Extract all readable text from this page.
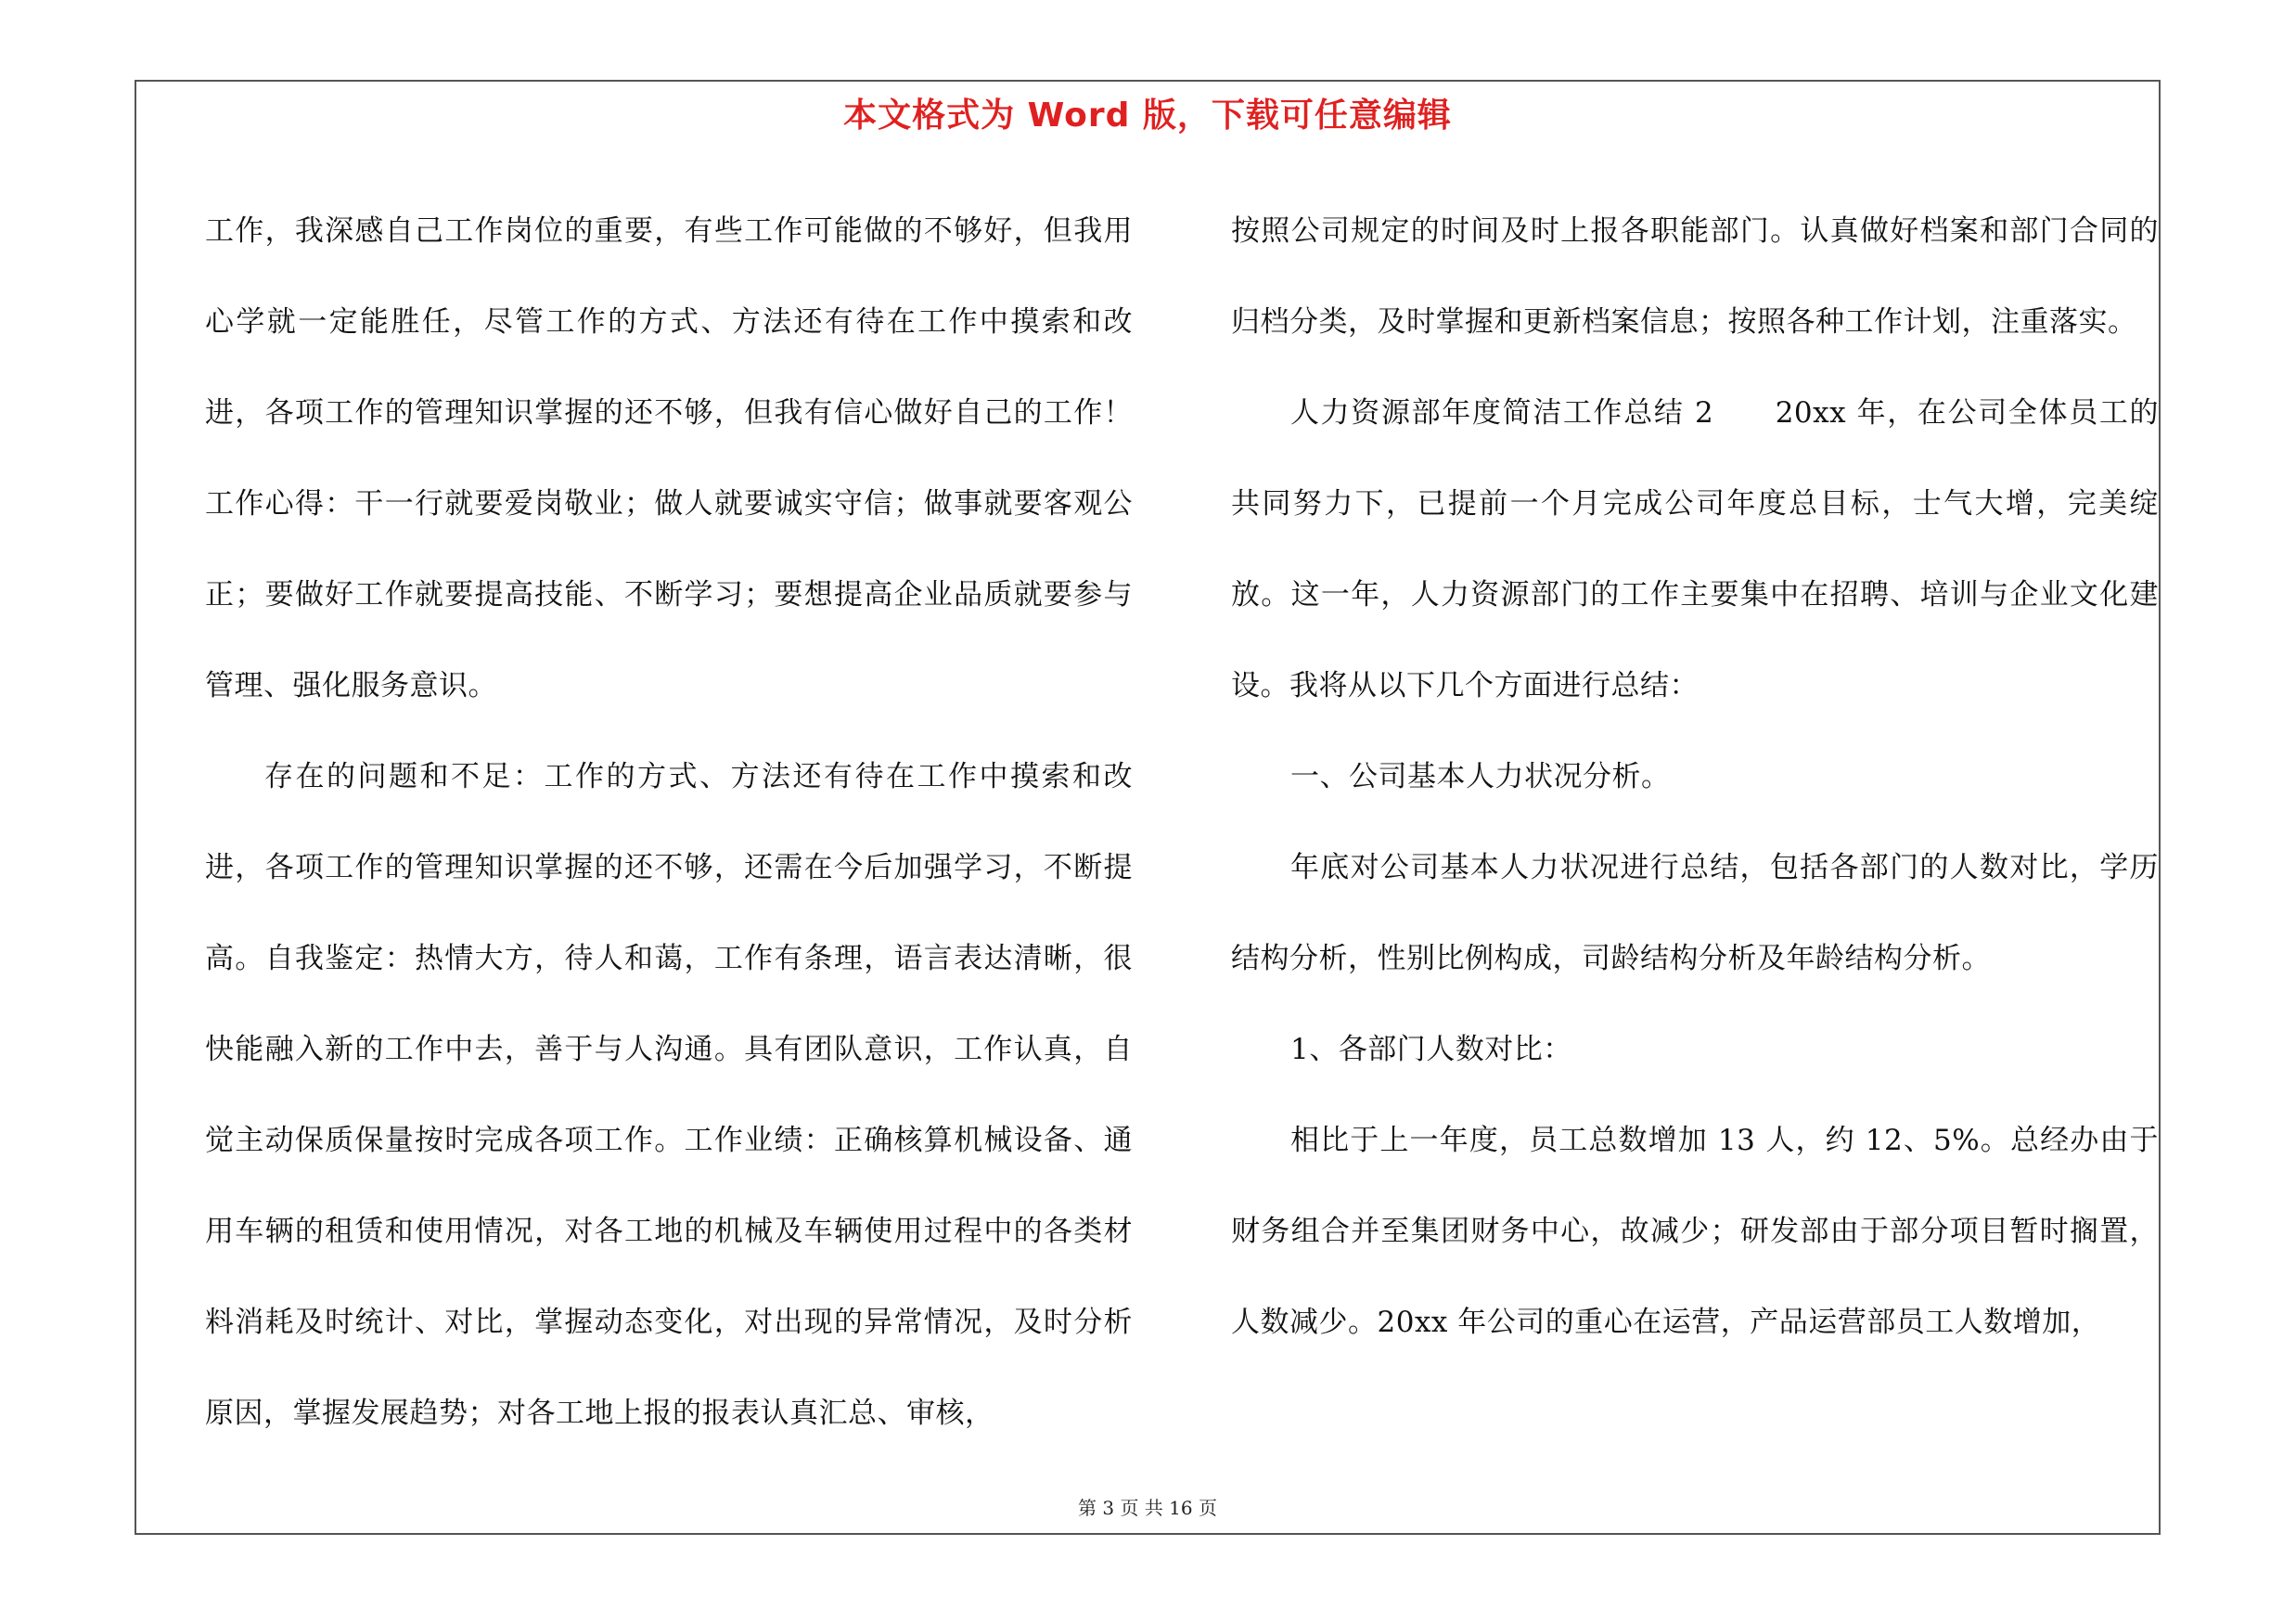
本文格式为 Word 版，下载可任意编辑

工作，我深感自己工作岗位的重要，有些工作可能做的不够好，但我用心学就一定能胜任，尽管工作的方式、方法还有待在工作中摸索和改进，各项工作的管理知识掌握的还不够，但我有信心做好自己的工作！工作心得：干一行就要爱岗敬业；做人就要诚实守信；做事就要客观公正；要做好工作就要提高技能、不断学习；要想提高企业品质就要参与管理、强化服务意识。

存在的问题和不足：工作的方式、方法还有待在工作中摸索和改进，各项工作的管理知识掌握的还不够，还需在今后加强学习，不断提高。自我鉴定：热情大方，待人和蔼，工作有条理，语言表达清晰，很快能融入新的工作中去，善于与人沟通。具有团队意识，工作认真，自觉主动保质保量按时完成各项工作。工作业绩：正确核算机械设备、通用车辆的租赁和使用情况，对各工地的机械及车辆使用过程中的各类材料消耗及时统计、对比，掌握动态变化，对出现的异常情况，及时分析原因，掌握发展趋势；对各工地上报的报表认真汇总、审核，

按照公司规定的时间及时上报各职能部门。认真做好档案和部门合同的归档分类，及时掌握和更新档案信息；按照各种工作计划，注重落实。

人力资源部年度简洁工作总结 2　　20xx 年，在公司全体员工的共同努力下，已提前一个月完成公司年度总目标，士气大增，完美绽放。这一年，人力资源部门的工作主要集中在招聘、培训与企业文化建设。我将从以下几个方面进行总结：

一、公司基本人力状况分析。

年底对公司基本人力状况进行总结，包括各部门的人数对比，学历结构分析，性别比例构成，司龄结构分析及年龄结构分析。

1、各部门人数对比：

相比于上一年度，员工总数增加 13 人，约 12、5%。总经办由于财务组合并至集团财务中心，故减少；研发部由于部分项目暂时搁置，人数减少。20xx 年公司的重心在运营，产品运营部员工人数增加，

第 3 页 共 16 页
